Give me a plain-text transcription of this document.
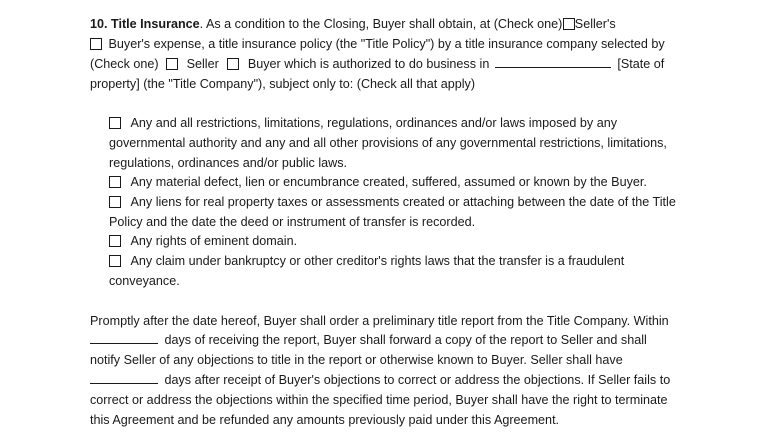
10. Title Insurance. As a condition to the Closing, Buyer shall obtain, at (Check one) Seller's
Buyer's expense, a title insurance policy (the "Title Policy") by a title insurance company selected by
(Check one) Seller Buyer which is authorized to do business in	[State of
property] (the "Title Company"), subject only to: (Check all that apply)
Any and all restrictions, limitations, regulations, ordinances and/or laws imposed by any
governmental authority and any and all other provisions of any governmental restrictions, limitations,
regulations, ordinances and/or public laws.
Any material defect, lien or encumbrance created, suffered, assumed or known by the Buyer.
Any liens for real property taxes or assessments created or attaching between the date of the Title
Policy and the date the deed or instrument of transfer is recorded.
Any rights of eminent domain.
Any claim under bankruptcy or other creditor's rights laws that the transfer is a fraudulent
conveyance.
Promptly after the date hereof, Buyer shall order a preliminary title report from the Title Company. Within
days of receiving the report, Buyer shall forward a copy of the report to Seller and shall
notify Seller of any objections to title in the report or otherwise known to Buyer. Seller shall have
days after receipt of Buyer's objections to correct or address the objections. If Seller fails to
correct or address the objections within the specified time period, Buyer shall have the right to terminate
this Agreement and be refunded any amounts previously paid under this Agreement.
